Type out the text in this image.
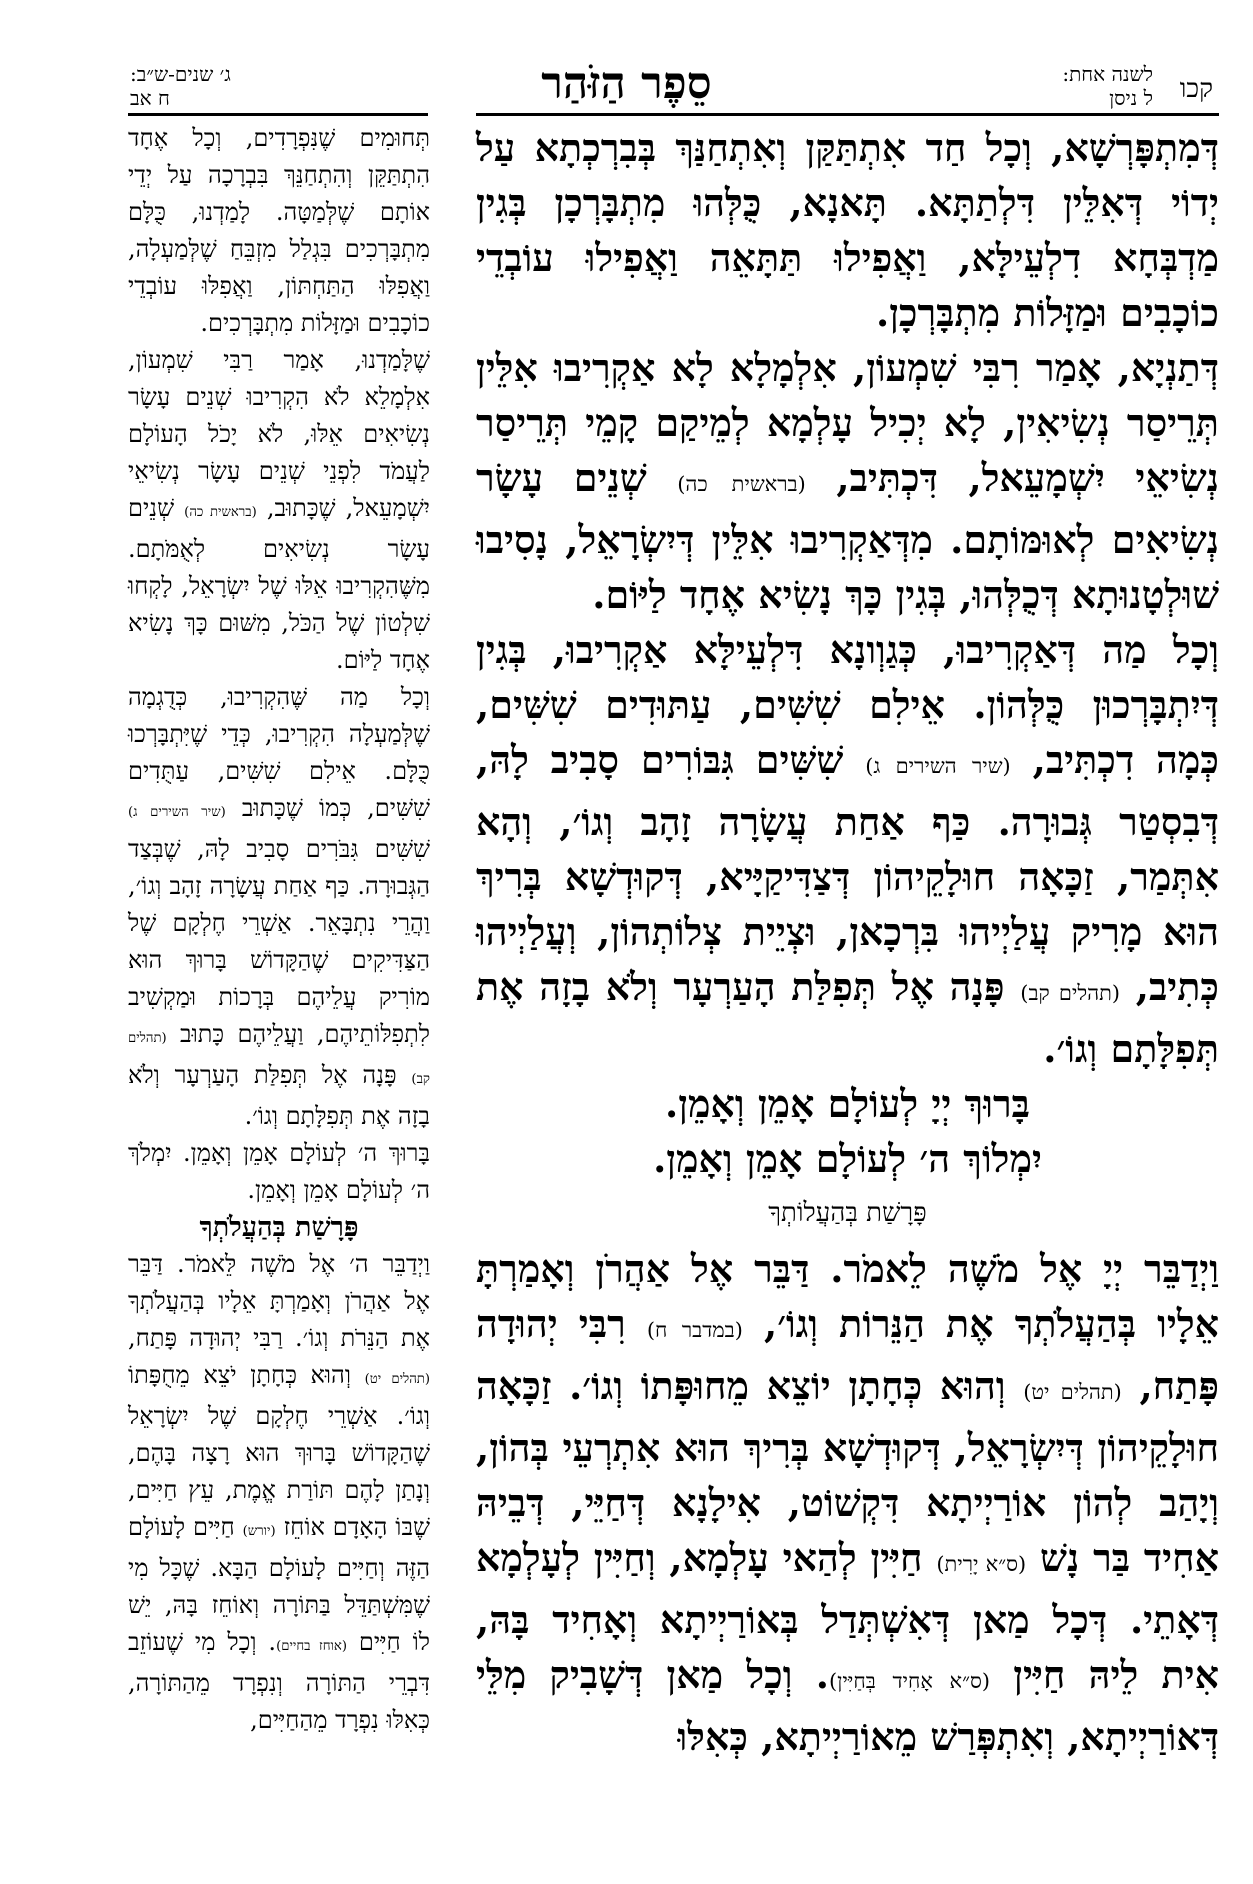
קכו
לשנה אחת:
ל ניסן
סֵפֶר הַזֹּהַר
ג׳ שנים-ש״ב:
ח אב

דְּמִתְפָּרְשָׁא, וְכָל חַד אִתְתַּקַּן וְאִתְחַנַּךְ בְּבִרְכְתָא עַל יְדוֹי דְּאִלֵּין דִּלְתַתָּא. תָּאנָא, כֻּלְּהוּ מִתְבָּרְכָן בְּגִין מַדְבְּחָא דִלְעֵילָּא, וַאֲפִילוּ תַּתָּאֵה וַאֲפִילוּ עוֹבְדֵי כוֹכָבִים וּמַזָּלוֹת מִתְבָּרְכָן.

דְּתַנְיָא, אָמַר רִבִּי שִׁמְעוֹן, אִלְמָלָא לָא אַקְרִיבוּ אִלֵּין תְּרֵיסַר נְשִׂיאִין, לָא יְכִיל עָלְמָא לְמֵיקַם קָמֵי תְּרֵיסַר נְשִׂיאֵי יִשְׁמָעֵאל, דִּכְתִּיב, ( בראשית כה ) שְׁנֵים עָשָׂר נְשִׂיאִים לְאוּמּוֹתָם. מִדְּאַקְרִיבוּ אִלֵּין דְּיִשְׂרָאֵל, נָסִיבוּ שׁוּלְטָנוּתָא דְּכֻלְּהוּ, בְּגִין כָּךְ נָשִׂיא אֶחָד לַיּוֹם.

וְכָל מַה דְּאַקְרִיבוּ, כְּגַוְונָא דִּלְעֵילָּא אַקְרִיבוּ, בְּגִין דְּיִתְבָּרְכוּן כֻּלְּהוֹן. אֵילִם שִׁשִּׁים, עַתּוּדִים שִׁשִּׁים, כְּמָה דִכְתִּיב, ( שיר השירים ג ) שִׁשִּׁים גִּבּוֹרִים סָבִיב לָהּ, דְּבִסְטַר גְּבוּרָה. כַּף אַחַת עֲשָׂרָה זָהָב וְגוֹ׳, וְהָא אִתְּמַר, זַכָּאָה חוּלָקֵיהוֹן דְּצַדִּיקַיָּיא, דְּקוּדְשָׁא בְּרִיךְ הוּא מָרִיק עֲלַיְיהוּ בִּרְכָאן, וּצְיֵית צְלוֹתְהוֹן, וְעֲלַיְיהוּ כְּתִיב, ( תהלים קב ) פָּנָה אֶל תְּפִלַּת הָעַרְעָר וְלֹא בָזָה אֶת תְּפִלָּתָם וְגוֹ׳.

בָּרוּךְ יְיָ לְעוֹלָם אָמֵן וְאָמֵן.

יִמְלוֹךְ ה׳ לְעוֹלָם אָמֵן וְאָמֵן.

פָּרָשַׁת בְּהַעֲלוֹתְךָ

וַיְדַבֵּר יְיָ אֶל מֹשֶׁה לֵאמֹר. דַּבֵּר אֶל אַהֲרֹן וְאָמַרְתָּ אֵלָיו בְּהַעֲלֹתְךָ אֶת הַנֵּרוֹת וְגוֹ׳, ( במדבר ח ) רִבִּי יְהוּדָה פָּתַח, ( תהלים יט ) וְהוּא כְּחָתָן יוֹצֵא מֵחוּפָּתוֹ וְגוֹ׳. זַכָּאָה חוּלָקֵיהוֹן דְּיִשְׂרָאֵל, דְּקוּדְשָׁא בְּרִיךְ הוּא אִתְרְעֵי בְּהוֹן, וְיָהַב לְהוֹן אוֹרַיְיתָא דִּקְשׁוֹט, אִילָנָא דְּחַיֵּי, דְּבֵיהּ אַחִיד בַּר נָשׁ ( ס״א יָרִית ) חַיִּין לְהַאי עָלְמָא, וְחַיִּין לְעָלְמָא דְּאָתֵי. דְּכָל מַאן דְּאִשְׁתְּדַל בְּאוֹרַיְיתָא וְאָחִיד בָּהּ, אִית לֵיהּ חַיִּין ( ס״א אָחִיד בְּחַיִּין ). וְכָל מַאן דְּשָׁבִיק מִלֵּי דְּאוֹרַיְיתָא, וְאִתְפְּרַשׁ מֵאוֹרַיְיתָא, כְּאִלּוּ

תְּחוּמִים שֶׁנִּפְרָדִים, וְכָל אֶחָד הִתְתַּקֵּן וְהִתְחַנֵּךְ בִּבְרָכָה עַל יְדֵי אוֹתָם שֶׁלְּמַטָּה. לָמַדְנוּ, כֻּלָּם מִתְבָּרְכִים בִּגְלַל מִזְבֵּחַ שֶׁלְּמַעְלָה, וַאֲפִלּוּ הַתַּחְתּוֹן, וַאֲפִלּוּ עוֹבְדֵי כוֹכָבִים וּמַזָּלוֹת מִתְבָּרְכִים.

שֶׁלָּמַדְנוּ, אָמַר רַבִּי שִׁמְעוֹן, אִלְמָלֵא לֹא הִקְרִיבוּ שְׁנֵים עָשָׂר נְשִׂיאִים אֵלּוּ, לֹא יָכֹל הָעוֹלָם לַעֲמֹד לִפְנֵי שְׁנֵים עָשָׂר נְשִׂיאֵי יִשְׁמָעֵאל, שֶׁכָּתוּב, ( בראשית כה ) שְׁנֵים עָשָׂר נְשִׂיאִים לְאֻמֹּתָם. מִשֶּׁהִקְרִיבוּ אֵלּוּ שֶׁל יִשְׂרָאֵל, לָקְחוּ שִׁלְטוֹן שֶׁל הַכֹּל, מִשּׁוּם כָּךְ נָשִׂיא אֶחָד לַיּוֹם.

וְכָל מַה שֶּׁהִקְרִיבוּ, כְּדֻגְמָה שֶׁלְּמַעְלָה הִקְרִיבוּ, כְּדֵי שֶׁיִּתְבָּרְכוּ כֻּלָּם. אֵילִם שִׁשִּׁים, עַתֻּדִים שִׁשִּׁים, כְּמוֹ שֶׁכָּתוּב ( שיר השירים ג ) שִׁשִּׁים גִּבֹּרִים סָבִיב לָהּ, שֶׁבְּצַד הַגְּבוּרָה. כַּף אַחַת עֲשָׂרָה זָהָב וְגוֹ׳, וַהֲרֵי נִתְבָּאֵר. אַשְׁרֵי חֶלְקָם שֶׁל הַצַּדִּיקִים שֶׁהַקָּדוֹשׁ בָּרוּךְ הוּא מוֹרִיק עֲלֵיהֶם בְּרָכוֹת וּמַקְשִׁיב לִתְפִלּוֹתֵיהֶם, וַעֲלֵיהֶם כָּתוּב ( תהלים קב ) פָּנָה אֶל תְּפִלַּת הָעַרְעָר וְלֹא בָזָה אֶת תְּפִלָּתָם וְגוֹ׳.

בָּרוּךְ ה׳ לְעוֹלָם אָמֵן וְאָמֵן. יִמְלֹךְ ה׳ לְעוֹלָם אָמֵן וְאָמֵן.

פָּרָשַׁת בְּהַעֲלֹתְךָ

וַיְדַבֵּר ה׳ אֶל מֹשֶׁה לֵּאמֹר. דַּבֵּר אֶל אַהֲרֹן וְאָמַרְתָּ אֵלָיו בְּהַעֲלֹתְךָ אֶת הַנֵּרֹת וְגוֹ׳. רַבִּי יְהוּדָה פָּתַח, ( תהלים יט ) וְהוּא כְּחָתָן יֹצֵא מֵחֻפָּתוֹ וְגוֹ׳. אַשְׁרֵי חֶלְקָם שֶׁל יִשְׂרָאֵל שֶׁהַקָּדוֹשׁ בָּרוּךְ הוּא רָצָה בָּהֶם, וְנָתַן לָהֶם תּוֹרַת אֱמֶת, עֵץ חַיִּים, שֶׁבּוֹ הָאָדָם אוֹחֵז ( יורש ) חַיִּים לָעוֹלָם הַזֶּה וְחַיִּים לָעוֹלָם הַבָּא. שֶׁכָּל מִי שֶׁמִּשְׁתַּדֵּל בַּתּוֹרָה וְאוֹחֵז בָּהּ, יֵשׁ לוֹ חַיִּים ( אוחז בחיים ). וְכָל מִי שֶׁעוֹזֵב דִּבְרֵי הַתּוֹרָה וְנִפְרָד מֵהַתּוֹרָה, כְּאִלּוּ נִפְרָד מֵהַחַיִּים,
